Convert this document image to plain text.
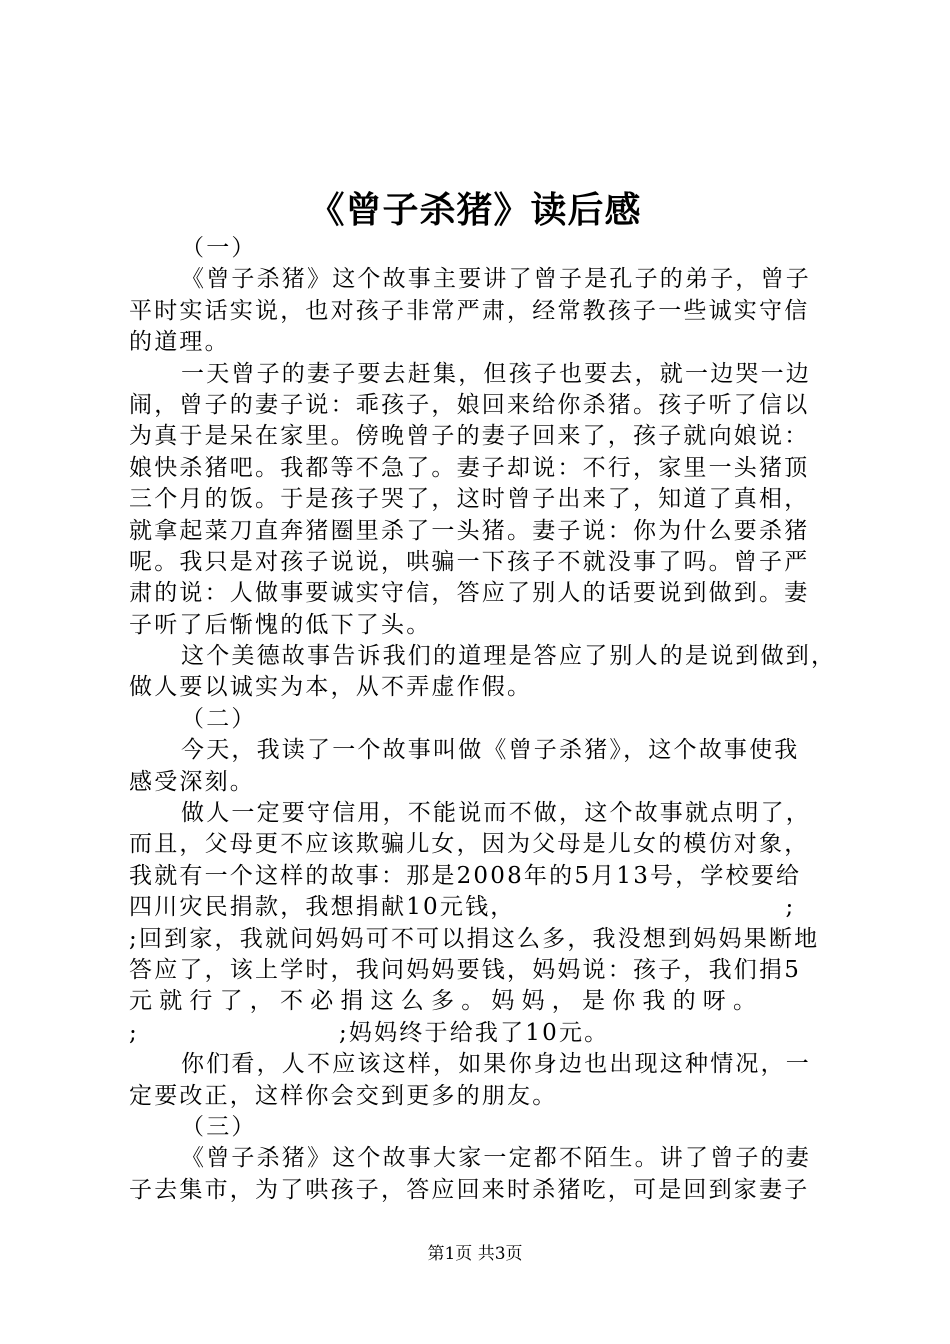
《曾子杀猪》读后感
（一）
《曾子杀猪》这个故事主要讲了曾子是孔子的弟子，曾子
平时实话实说，也对孩子非常严肃，经常教孩子一些诚实守信
的道理。
一天曾子的妻子要去赶集，但孩子也要去，就一边哭一边
闹，曾子的妻子说：乖孩子，娘回来给你杀猪。孩子听了信以
为真于是呆在家里。傍晚曾子的妻子回来了，孩子就向娘说：
娘快杀猪吧。我都等不急了。妻子却说：不行，家里一头猪顶
三个月的饭。于是孩子哭了，这时曾子出来了，知道了真相，
就拿起菜刀直奔猪圈里杀了一头猪。妻子说：你为什么要杀猪
呢。我只是对孩子说说，哄骗一下孩子不就没事了吗。曾子严
肃的说：人做事要诚实守信，答应了别人的话要说到做到。妻
子听了后惭愧的低下了头。
这个美德故事告诉我们的道理是答应了别人的是说到做到，
做人要以诚实为本，从不弄虚作假。
（二）
今天，我读了一个故事叫做《曾子杀猪》，这个故事使我
感受深刻。
做人一定要守信用，不能说而不做，这个故事就点明了，
而且，父母更不应该欺骗儿女，因为父母是儿女的模仿对象，
我就有一个这样的故事：那是2008年的5月13号，学校要给
四川灾民捐款，我想捐献10元钱，	;
;回到家，我就问妈妈可不可以捐这么多，我没想到妈妈果断地
答应了，该上学时，我问妈妈要钱，妈妈说：孩子，我们捐5
元就行了，不必捐这么多。妈妈，是你我的呀。
;	;妈妈终于给我了10元。
你们看，人不应该这样，如果你身边也出现这种情况，一
定要改正，这样你会交到更多的朋友。
（三）
《曾子杀猪》这个故事大家一定都不陌生。讲了曾子的妻
子去集市，为了哄孩子，答应回来时杀猪吃，可是回到家妻子
第1页 共3页
